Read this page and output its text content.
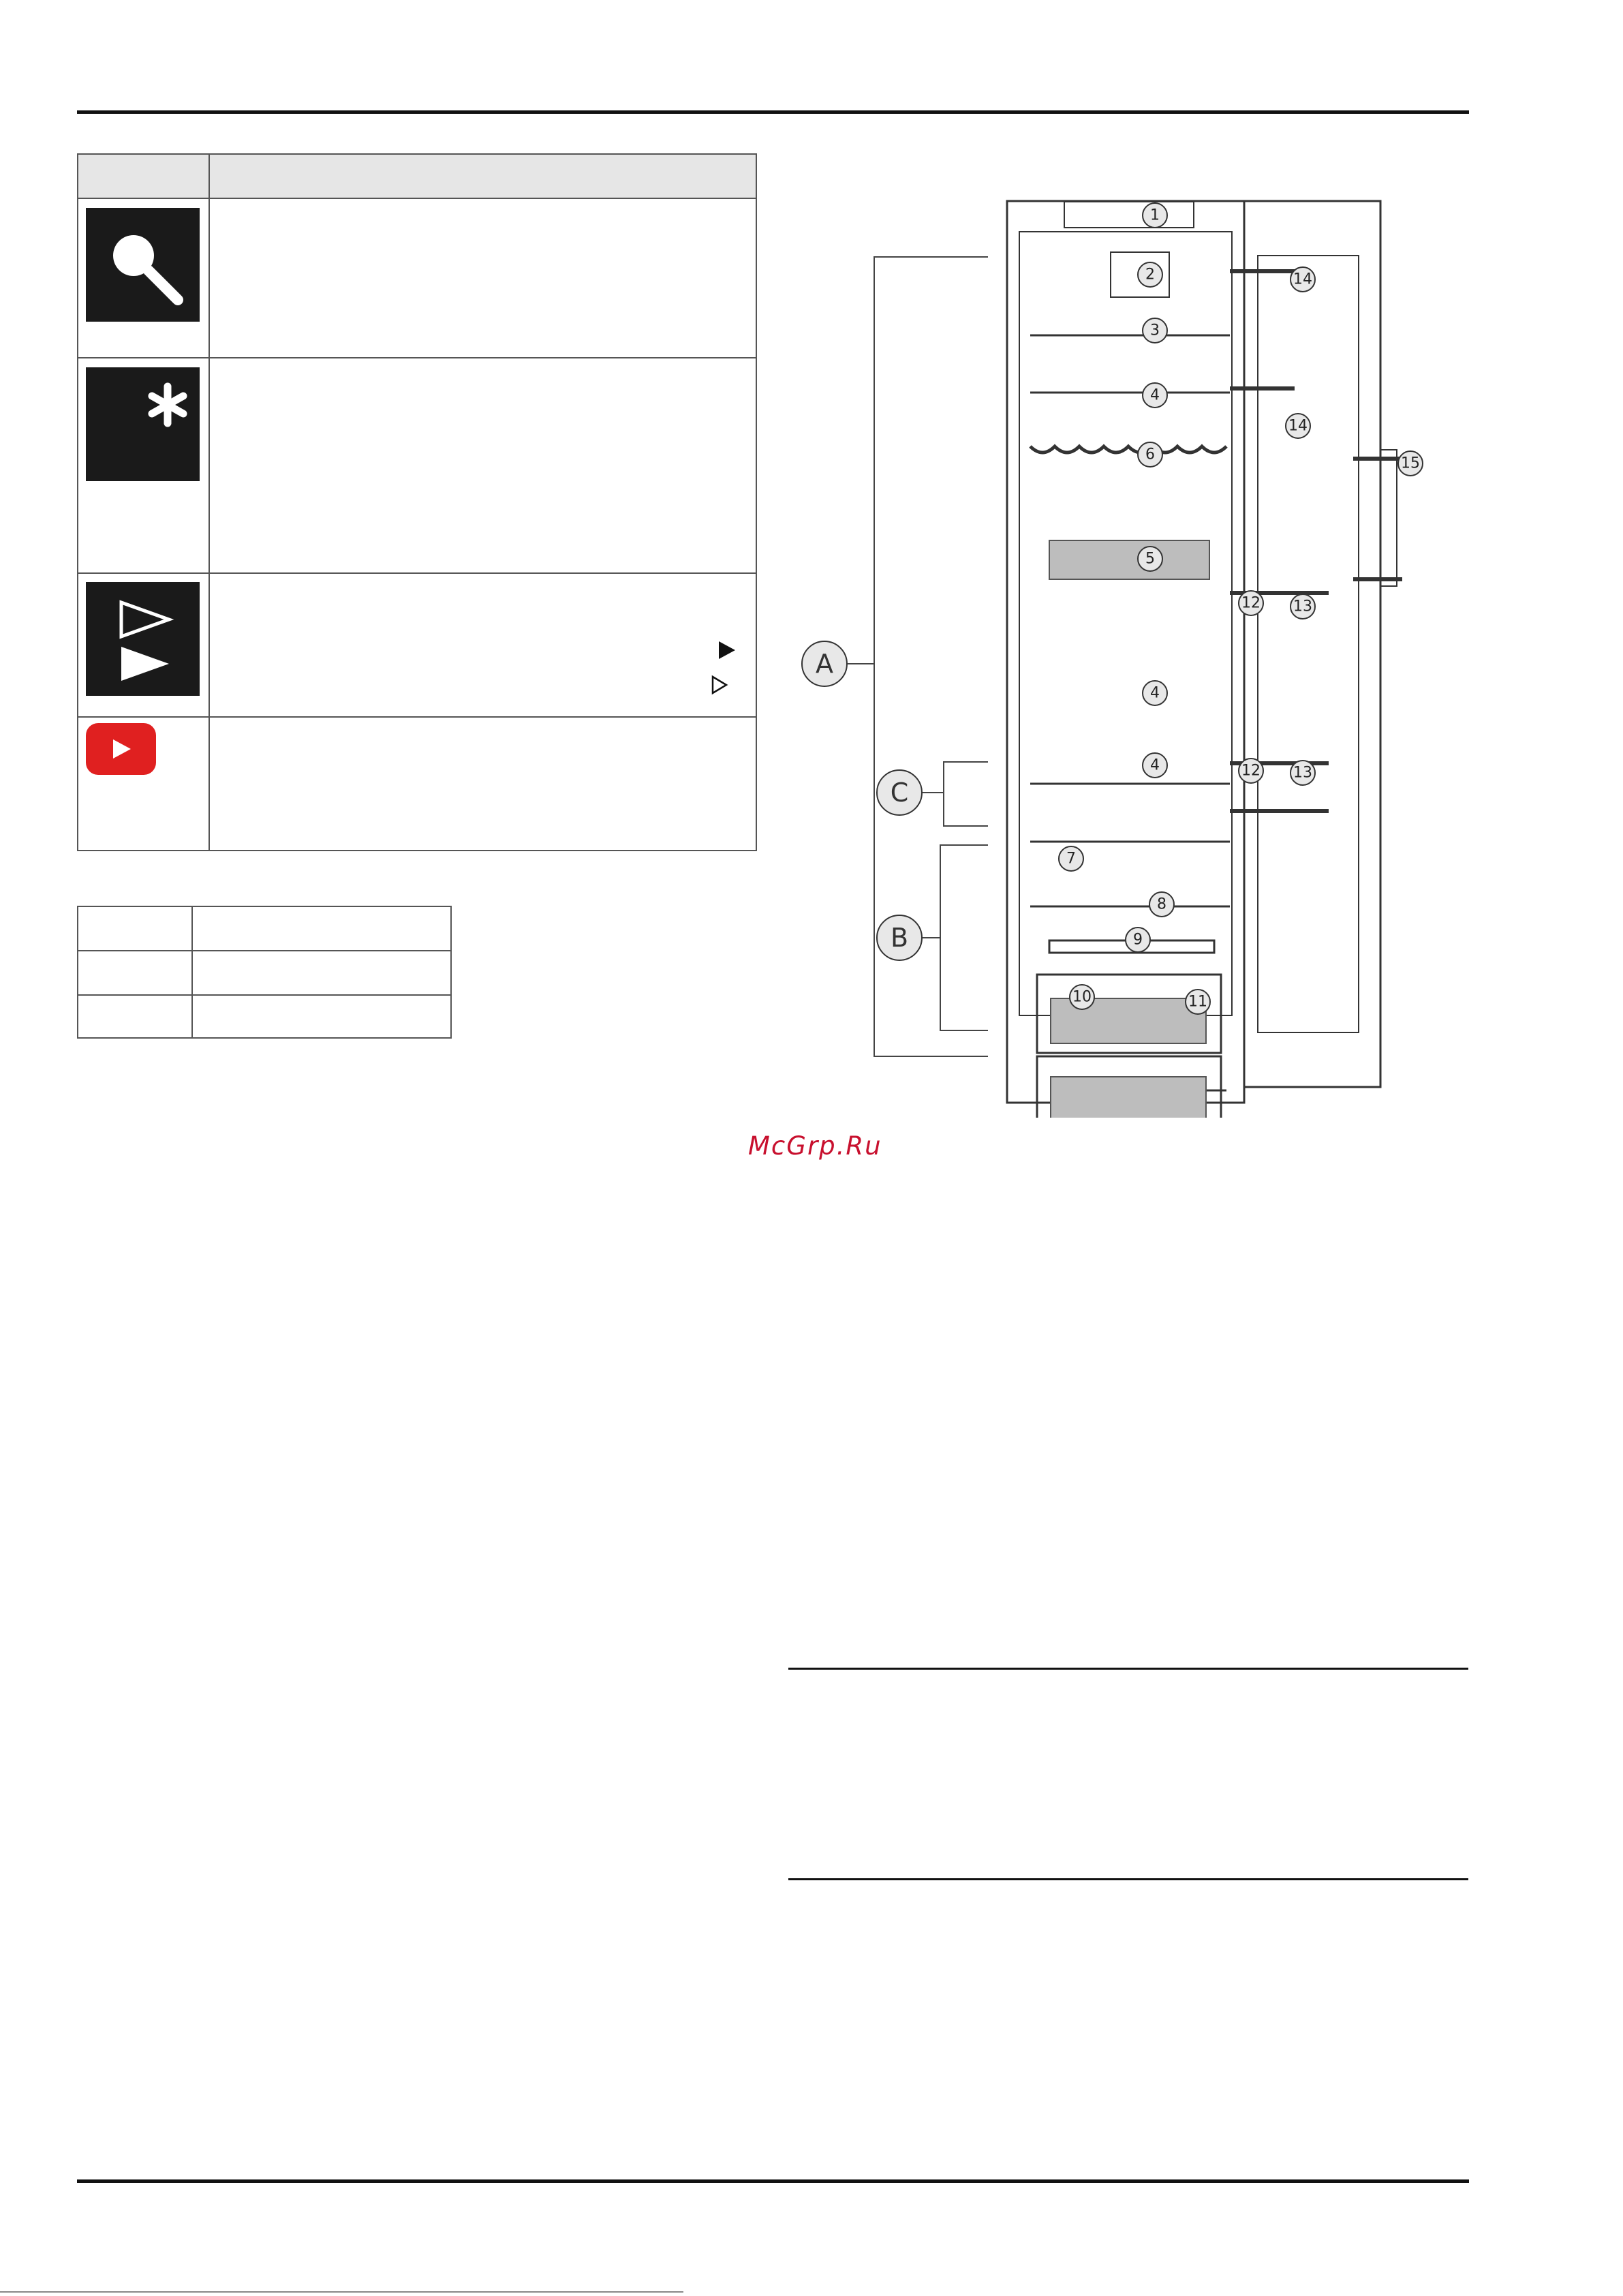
A
B
C
1
2
3
4
6
5
4
4
7
8
9
10	11
12 13
12 13
14
14
15
McGrp.Ru
